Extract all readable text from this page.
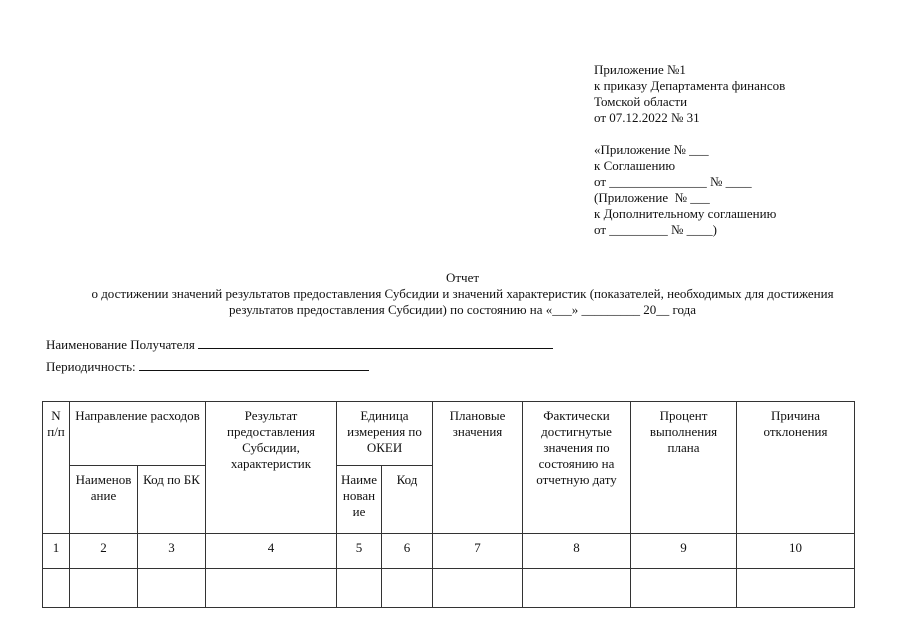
Приложение №1
к приказу Департамента финансов
Томской области
от 07.12.2022 № 31
«Приложение № ___
к Соглашению
от _______________ № ____
(Приложение  № ___
к Дополнительному соглашению
от _________ № ____)
Отчет
о достижении значений результатов предоставления Субсидии и значений характеристик (показателей, необходимых для достижения
результатов предоставления Субсидии) по состоянию на «___» _________ 20__ года
Наименование Получателя
Периодичность:
N п/п	Направление расходов		Результат предоставления Субсидии, характеристик	Единица измерения по ОКЕИ		Плановые значения	Фактически достигнутые значения по состоянию на отчетную дату	Процент выполнения плана	Причина отклонения
	Наименов ание	Код по БК		Наиме нован ие	Код				
1	2	3	4	5	6	7	8	9	10
